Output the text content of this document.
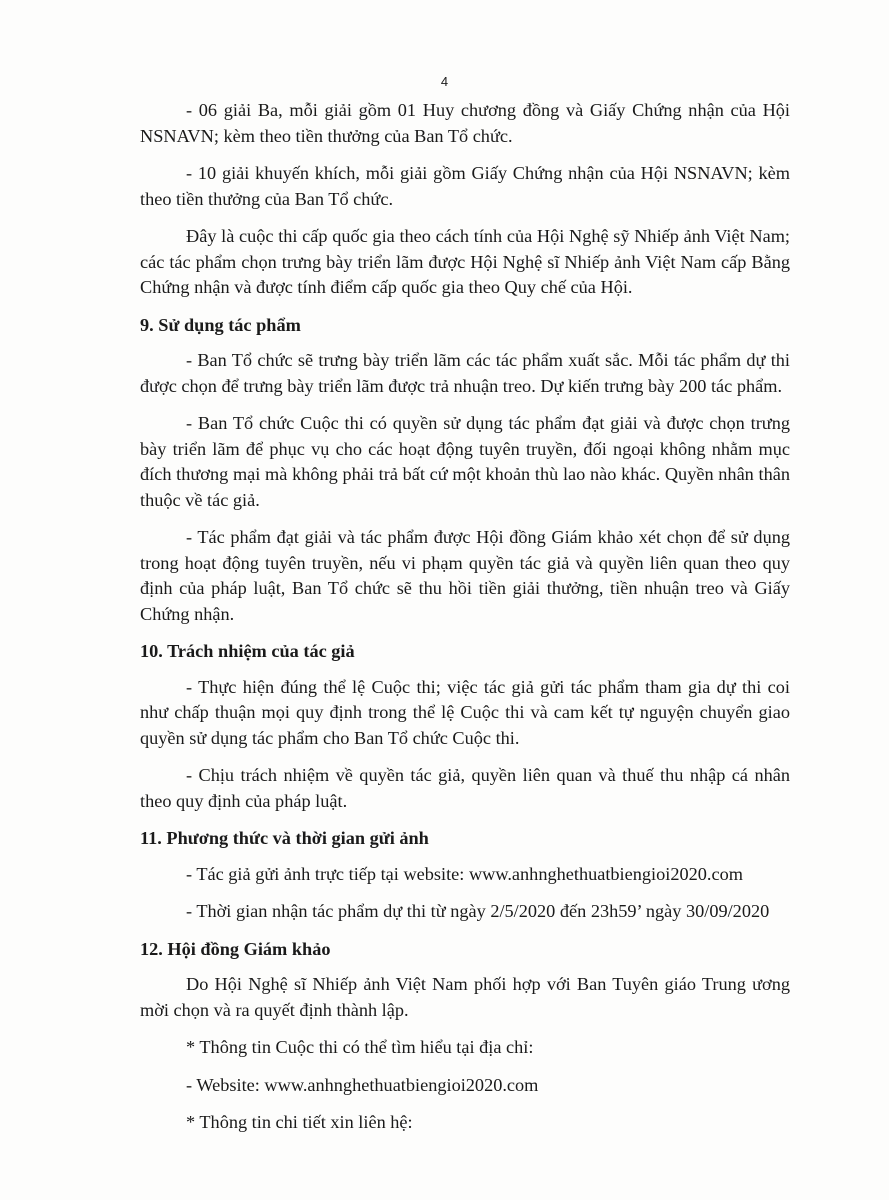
4

- 06 giải Ba, mỗi giải gồm 01 Huy chương đồng và Giấy Chứng nhận của Hội NSNAVN; kèm theo tiền thưởng của Ban Tổ chức.

- 10 giải khuyến khích, mỗi giải gồm Giấy Chứng nhận của Hội NSNAVN; kèm theo tiền thưởng của Ban Tổ chức.

Đây là cuộc thi cấp quốc gia theo cách tính của Hội Nghệ sỹ Nhiếp ảnh Việt Nam; các tác phẩm chọn trưng bày triển lãm được Hội Nghệ sĩ Nhiếp ảnh Việt Nam cấp Bằng Chứng nhận và được tính điểm cấp quốc gia theo Quy chế của Hội.

9. Sử dụng tác phẩm

- Ban Tổ chức sẽ trưng bày triển lãm các tác phẩm xuất sắc. Mỗi tác phẩm dự thi được chọn để trưng bày triển lãm được trả nhuận treo. Dự kiến trưng bày 200 tác phẩm.

- Ban Tổ chức Cuộc thi có quyền sử dụng tác phẩm đạt giải và được chọn trưng bày triển lãm để phục vụ cho các hoạt động tuyên truyền, đối ngoại không nhằm mục đích thương mại mà không phải trả bất cứ một khoản thù lao nào khác. Quyền nhân thân thuộc về tác giả.

- Tác phẩm đạt giải và tác phẩm được Hội đồng Giám khảo xét chọn để sử dụng trong hoạt động tuyên truyền, nếu vi phạm quyền tác giả và quyền liên quan theo quy định của pháp luật, Ban Tổ chức sẽ thu hồi tiền giải thưởng, tiền nhuận treo và Giấy Chứng nhận.

10. Trách nhiệm của tác giả

- Thực hiện đúng thể lệ Cuộc thi; việc tác giả gửi tác phẩm tham gia dự thi coi như chấp thuận mọi quy định trong thể lệ Cuộc thi và cam kết tự nguyện chuyển giao quyền sử dụng tác phẩm cho Ban Tổ chức Cuộc thi.

- Chịu trách nhiệm về quyền tác giả, quyền liên quan và thuế thu nhập cá nhân theo quy định của pháp luật.

11. Phương thức và thời gian gửi ảnh

- Tác giả gửi ảnh trực tiếp tại website: www.anhnghethuatbiengioi2020.com

- Thời gian nhận tác phẩm dự thi từ ngày 2/5/2020 đến 23h59’ ngày 30/09/2020

12. Hội đồng Giám khảo

Do Hội Nghệ sĩ Nhiếp ảnh Việt Nam phối hợp với Ban Tuyên giáo Trung ương mời chọn và ra quyết định thành lập.

* Thông tin Cuộc thi có thể tìm hiểu tại địa chỉ:

- Website: www.anhnghethuatbiengioi2020.com

* Thông tin chi tiết xin liên hệ:
